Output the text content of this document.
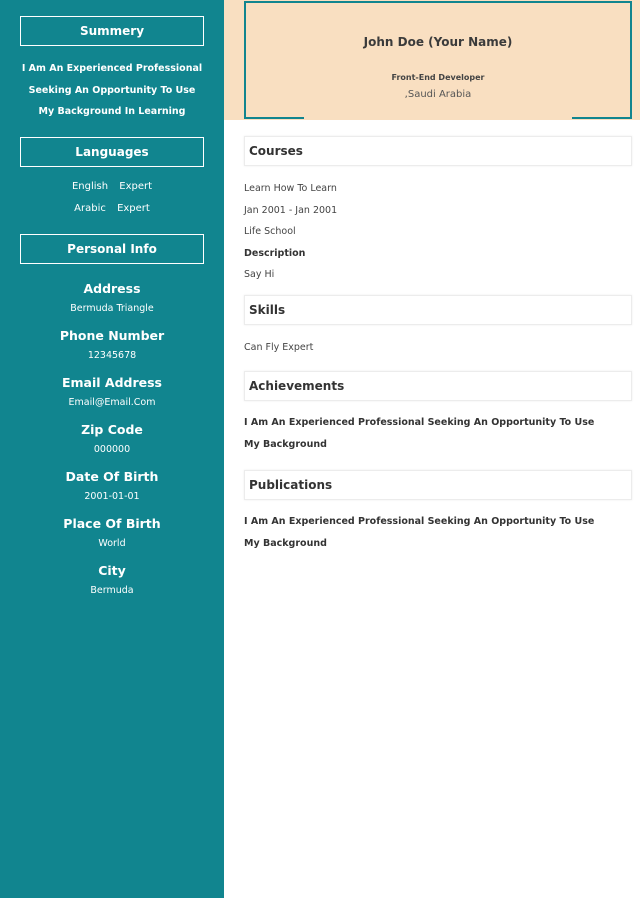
Summery
I Am An Experienced Professional Seeking An Opportunity To Use My Background In Learning
Languages
English Expert
Arabic Expert
Personal Info
Address
Bermuda Triangle
Phone Number
12345678
Email Address
Email@Email.Com
Zip Code
000000
Date Of Birth
2001-01-01
Place Of Birth
World
City
Bermuda
John Doe (Your Name)
Front-End Developer
,Saudi Arabia
Courses
Learn How To Learn
Jan 2001 - Jan 2001
Life School
Description
Say Hi
Skills
Can Fly Expert
Achievements
I Am An Experienced Professional Seeking An Opportunity To Use My Background
Publications
I Am An Experienced Professional Seeking An Opportunity To Use My Background
